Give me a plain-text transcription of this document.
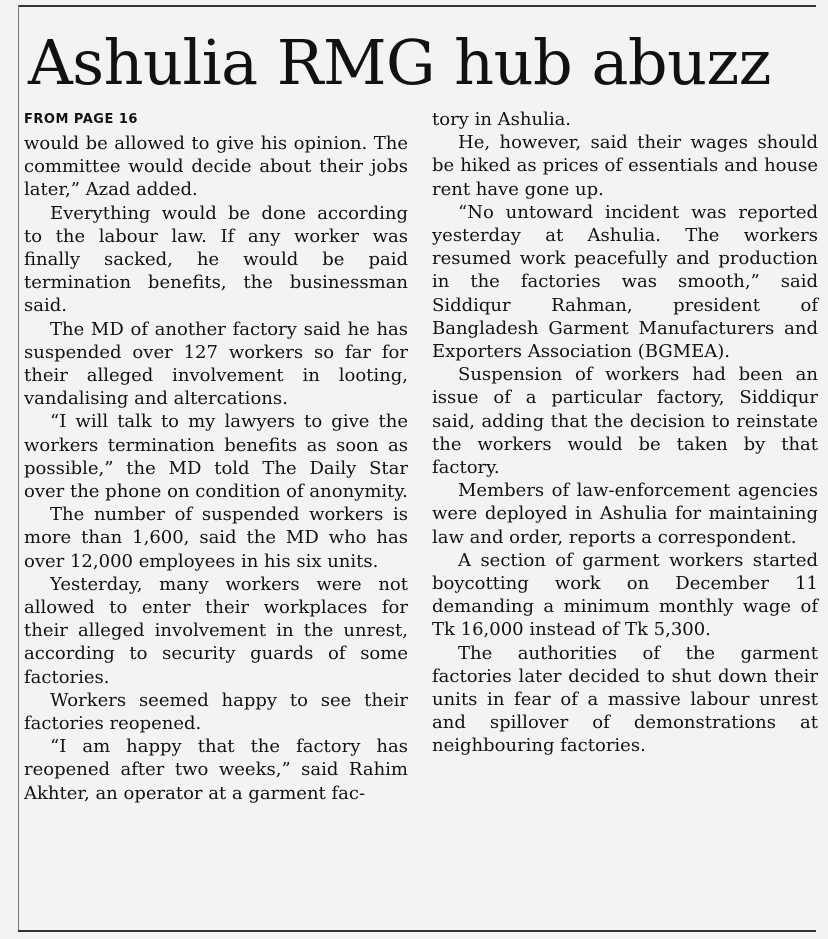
Ashulia RMG hub abuzz
FROM PAGE 16

would be allowed to give his opinion. The committee would decide about their jobs later,” Azad added.

Everything would be done according to the labour law. If any worker was finally sacked, he would be paid termination benefits, the businessman said.

The MD of another factory said he has suspended over 127 workers so far for their alleged involvement in looting, vandalising and altercations.

“I will talk to my lawyers to give the workers termination benefits as soon as possible,” the MD told The Daily Star over the phone on condition of anonymity.

The number of suspended workers is more than 1,600, said the MD who has over 12,000 employees in his six units.

Yesterday, many workers were not allowed to enter their workplaces for their alleged involvement in the unrest, according to security guards of some factories.

Workers seemed happy to see their factories reopened.

“I am happy that the factory has reopened after two weeks,” said Rahim Akhter, an operator at a garment fac-

tory in Ashulia.

He, however, said their wages should be hiked as prices of essentials and house rent have gone up.

“No untoward incident was reported yesterday at Ashulia. The workers resumed work peacefully and production in the factories was smooth,” said Siddiqur Rahman, president of Bangladesh Garment Manufacturers and Exporters Association (BGMEA).

Suspension of workers had been an issue of a particular factory, Siddiqur said, adding that the decision to reinstate the workers would be taken by that factory.

Members of law-enforcement agencies were deployed in Ashulia for maintaining law and order, reports a correspondent.

A section of garment workers started boycotting work on December 11 demanding a minimum monthly wage of Tk 16,000 instead of Tk 5,300.

The authorities of the garment factories later decided to shut down their units in fear of a massive labour unrest and spillover of demonstrations at neighbouring factories.
